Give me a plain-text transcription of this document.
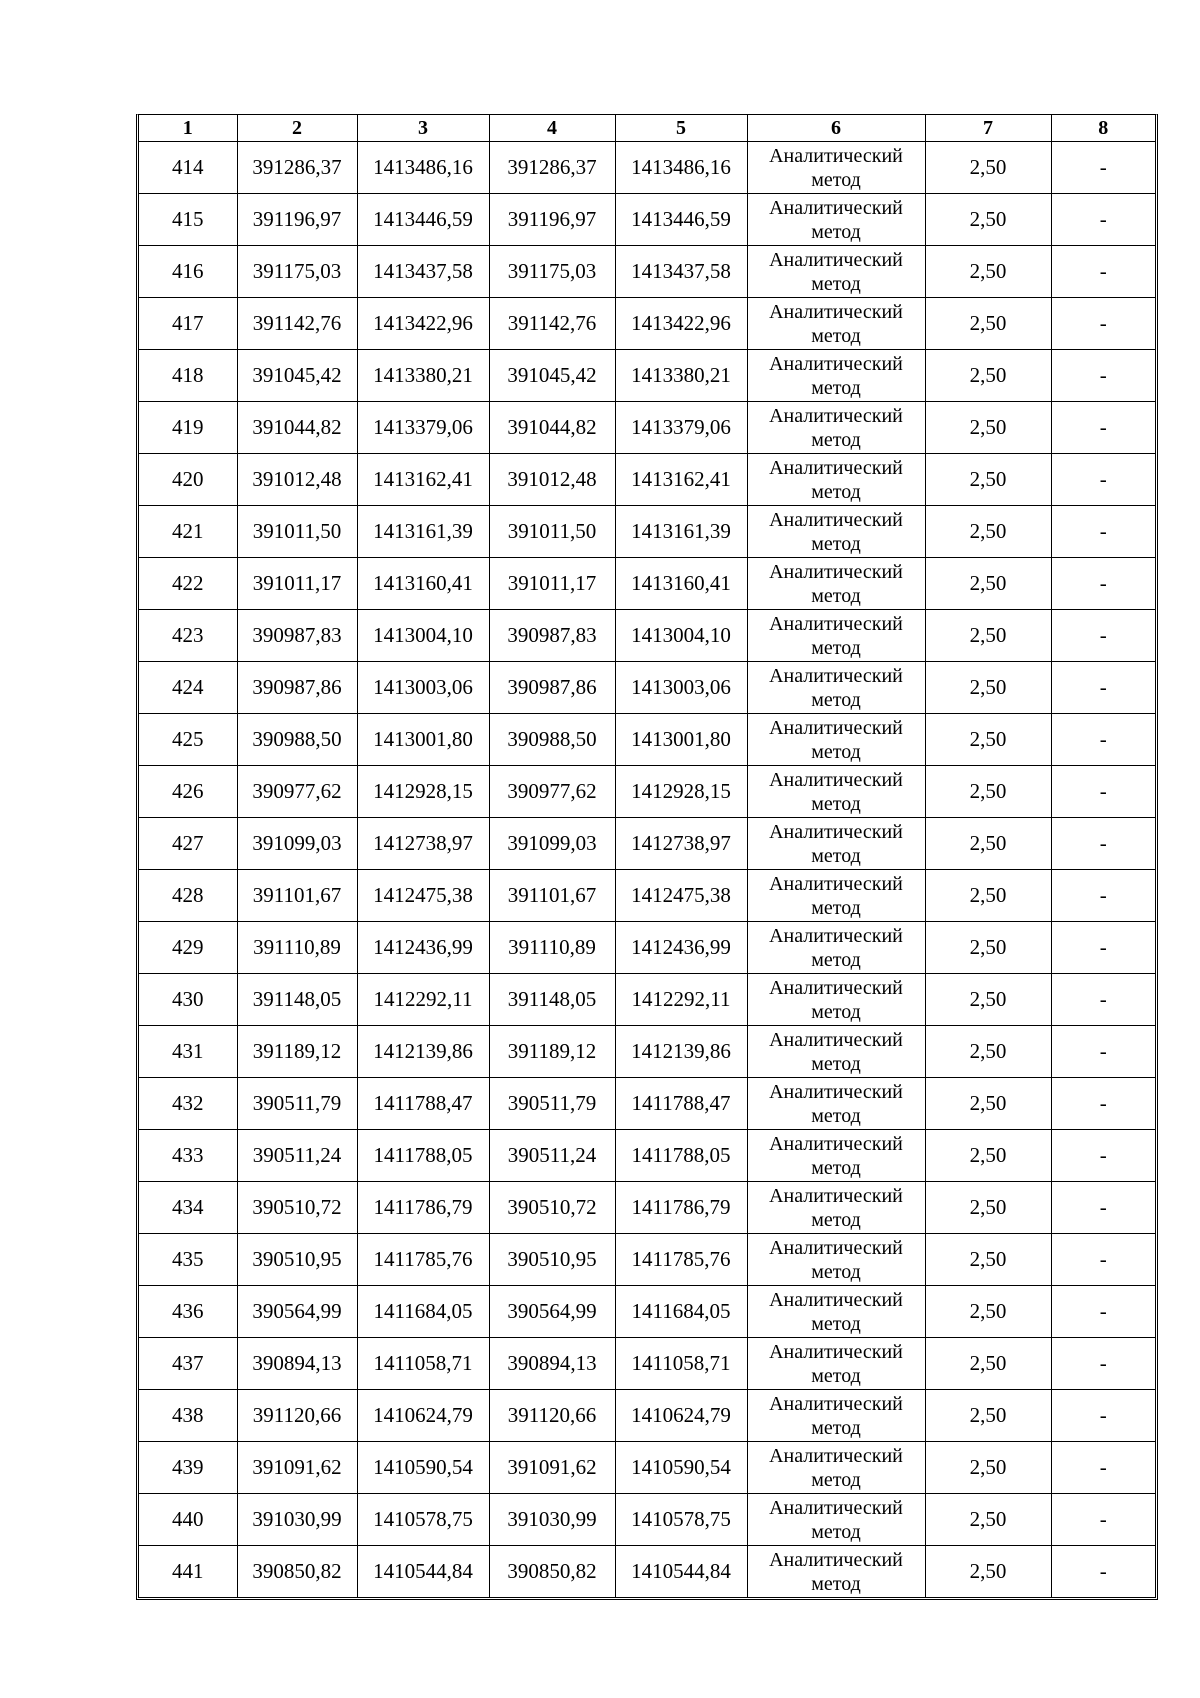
1	2	3	4	5	6	7	8
414	391286,37	1413486,16	391286,37	1413486,16	Аналитический
метод	2,50	-
415	391196,97	1413446,59	391196,97	1413446,59	Аналитический
метод	2,50	-
416	391175,03	1413437,58	391175,03	1413437,58	Аналитический
метод	2,50	-
417	391142,76	1413422,96	391142,76	1413422,96	Аналитический
метод	2,50	-
418	391045,42	1413380,21	391045,42	1413380,21	Аналитический
метод	2,50	-
419	391044,82	1413379,06	391044,82	1413379,06	Аналитический
метод	2,50	-
420	391012,48	1413162,41	391012,48	1413162,41	Аналитический
метод	2,50	-
421	391011,50	1413161,39	391011,50	1413161,39	Аналитический
метод	2,50	-
422	391011,17	1413160,41	391011,17	1413160,41	Аналитический
метод	2,50	-
423	390987,83	1413004,10	390987,83	1413004,10	Аналитический
метод	2,50	-
424	390987,86	1413003,06	390987,86	1413003,06	Аналитический
метод	2,50	-
425	390988,50	1413001,80	390988,50	1413001,80	Аналитический
метод	2,50	-
426	390977,62	1412928,15	390977,62	1412928,15	Аналитический
метод	2,50	-
427	391099,03	1412738,97	391099,03	1412738,97	Аналитический
метод	2,50	-
428	391101,67	1412475,38	391101,67	1412475,38	Аналитический
метод	2,50	-
429	391110,89	1412436,99	391110,89	1412436,99	Аналитический
метод	2,50	-
430	391148,05	1412292,11	391148,05	1412292,11	Аналитический
метод	2,50	-
431	391189,12	1412139,86	391189,12	1412139,86	Аналитический
метод	2,50	-
432	390511,79	1411788,47	390511,79	1411788,47	Аналитический
метод	2,50	-
433	390511,24	1411788,05	390511,24	1411788,05	Аналитический
метод	2,50	-
434	390510,72	1411786,79	390510,72	1411786,79	Аналитический
метод	2,50	-
435	390510,95	1411785,76	390510,95	1411785,76	Аналитический
метод	2,50	-
436	390564,99	1411684,05	390564,99	1411684,05	Аналитический
метод	2,50	-
437	390894,13	1411058,71	390894,13	1411058,71	Аналитический
метод	2,50	-
438	391120,66	1410624,79	391120,66	1410624,79	Аналитический
метод	2,50	-
439	391091,62	1410590,54	391091,62	1410590,54	Аналитический
метод	2,50	-
440	391030,99	1410578,75	391030,99	1410578,75	Аналитический
метод	2,50	-
441	390850,82	1410544,84	390850,82	1410544,84	Аналитический
метод	2,50	-
